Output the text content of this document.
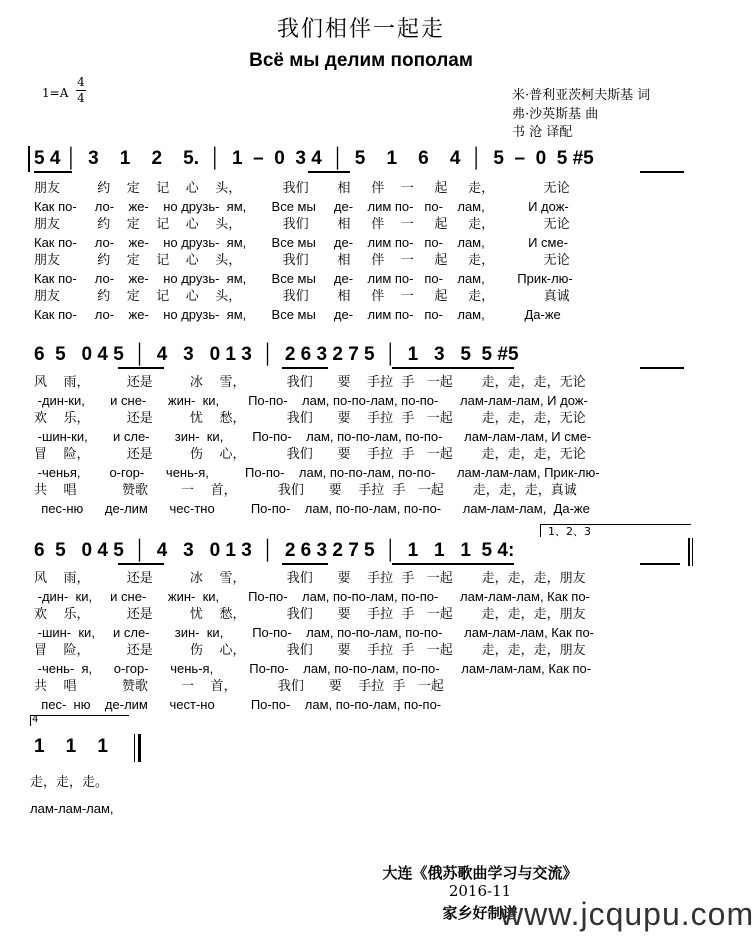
我们相伴一起走
Всё мы делим пополам
1=A
4
4	米·普利亚茨柯夫斯基 词
弗·沙英斯基 曲
书 沧 译配
5 4 │  3    1    2    5.  │  1  –  0  3 4  │  5    1    6    4  │  5  –  0  5 #5
朋友         约    定    记    心    头，          我们       相     伴    一     起     走，            无论
Как по-     ло-    же-    но друзь-  ям,       Все мы     де-    лим по-   по-    лам,            И дож-
朋友         约    定    记    心    头，          我们       相     伴    一     起     走，            无论
Как по-     ло-    же-    но друзь-  ям,       Все мы     де-    лим по-   по-    лам,            И сме-
朋友         约    定    记    心    头，          我们       相     伴    一     起     走，            无论
Как по-     ло-    же-    но друзь-  ям,       Все мы     де-    лим по-   по-    лам,         Прик-лю-
朋友         约    定    记    心    头，          我们       相     伴    一     起     走，            真诚
Как по-     ло-    же-    но друзь-  ям,       Все мы     де-    лим по-   по-    лам,           Да-же
6  5   0 4 5  │  4   3   0 1 3  │  2 6 3 2 7 5  │  1   3   5  5 #5
风    雨，         还是         冰    雪，          我们      要    手拉  手   一起       走，走，走，无论
-дин-ки,       и сне-      жин-  ки,        По-по-    лам, по-по-лам, по-по-      лам-лам-лам, И дож-
欢    乐，         还是         忧    愁，          我们      要    手拉  手   一起       走，走，走，无论
-шин-ки,       и сле-       зин-  ки,        По-по-    лам, по-по-лам, по-по-      лам-лам-лам, И сме-
冒    险，         还是         伤    心，          我们      要    手拉  手   一起       走，走，走，无论
-ченья,        о-гор-      чень-я,          По-по-    лам, по-по-лам, по-по-      лам-лам-лам, Прик-лю-
共    唱           赞歌        一    首，          我们      要    手拉  手   一起       走，走，走，真诚
пес-ню      де-лим      чес-тно          По-по-    лам, по-по-лам, по-по-      лам-лам-лам,  Да-же
1、2、3
6  5   0 4 5  │  4   3   0 1 3  │  2 6 3 2 7 5  │  1   1   1  5 4:
风    雨，         还是         冰    雪，          我们      要    手拉  手   一起       走，走，走，朋友
-дин-  ки,     и сне-      жин-  ки,        По-по-    лам, по-по-лам, по-по-      лам-лам-лам, Как по-
欢    乐，         还是         忧    愁，          我们      要    手拉  手   一起       走，走，走，朋友
-шин-  ки,     и сле-       зин-  ки,        По-по-    лам, по-по-лам, по-по-      лам-лам-лам, Как по-
冒    险，         还是         伤    心，          我们      要    手拉  手   一起       走，走，走，朋友
-чень-  я,      о-гор-      чень-я,          По-по-    лам, по-по-лам, по-по-      лам-лам-лам, Как по-
共    唱           赞歌        一    首，          我们      要    手拉  手   一起
пес-  ню    де-лим      чест-но          По-по-    лам, по-по-лам, по-по-
4
1    1    1
走，走，走。
лам-лам-лам,
大连《俄苏歌曲学习与交流》
2016-11
家乡好制谱
www.jcqupu.com
